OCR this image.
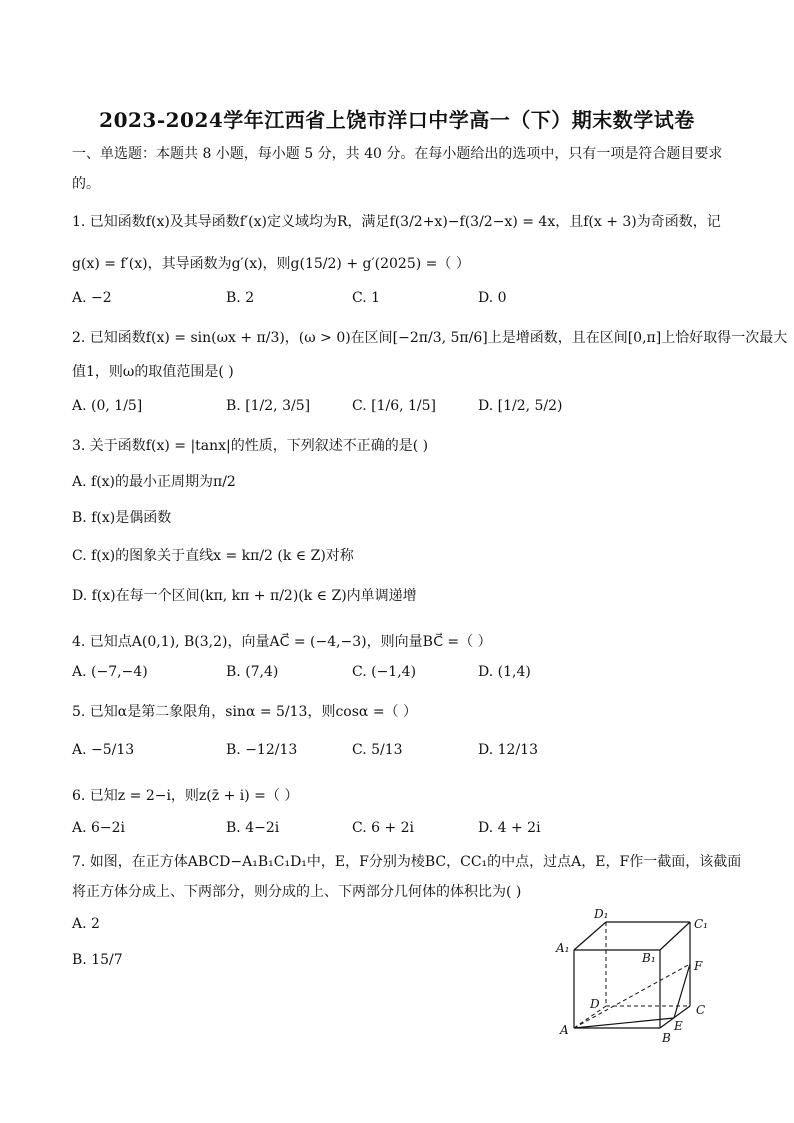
2023-2024学年江西省上饶市洋口中学高一（下）期末数学试卷
一、单选题：本题共 8 小题，每小题 5 分，共 40 分。在每小题给出的选项中，只有一项是符合题目要求
的。
1. 已知函数f(x)及其导函数f′(x)定义域均为R，满足f(3/2+x)−f(3/2−x) = 4x，且f(x + 3)为奇函数，记
g(x) = f′(x)，其导函数为g′(x)，则g(15/2) + g′(2025) =（ ）
A. −2	B. 2	C. 1	D. 0
2. 已知函数f(x) = sin(ωx + π/3)，(ω > 0)在区间[−2π/3, 5π/6]上是增函数，且在区间[0,π]上恰好取得一次最大
值1，则ω的取值范围是( )
A. (0, 1/5]	B. [1/2, 3/5]	C. [1/6, 1/5]	D. [1/2, 5/2)
3. 关于函数f(x) = |tanx|的性质，下列叙述不正确的是( )
A. f(x)的最小正周期为π/2
B. f(x)是偶函数
C. f(x)的图象关于直线x = kπ/2 (k ∈ Z)对称
D. f(x)在每一个区间(kπ, kπ + π/2)(k ∈ Z)内单调递增
4. 已知点A(0,1), B(3,2)，向量AC⃗ = (−4,−3)，则向量BC⃗ =（ ）
A. (−7,−4)	B. (7,4)	C. (−1,4)	D. (1,4)
5. 已知α是第二象限角，sinα = 5/13，则cosα =（ ）
A. −5/13	B. −12/13	C. 5/13	D. 12/13
6. 已知z = 2−i，则z(z̄ + i) =（ ）
A. 6−2i	B. 4−2i	C. 6 + 2i	D. 4 + 2i
7. 如图，在正方体ABCD−A₁B₁C₁D₁中，E，F分别为棱BC，CC₁的中点，过点A，E，F作一截面，该截面
将正方体分成上、下两部分，则分成的上、下两部分几何体的体积比为( )
A. 2
B. 15/7
D₁
C₁
A₁
B₁
F
D	C
A	E
B
